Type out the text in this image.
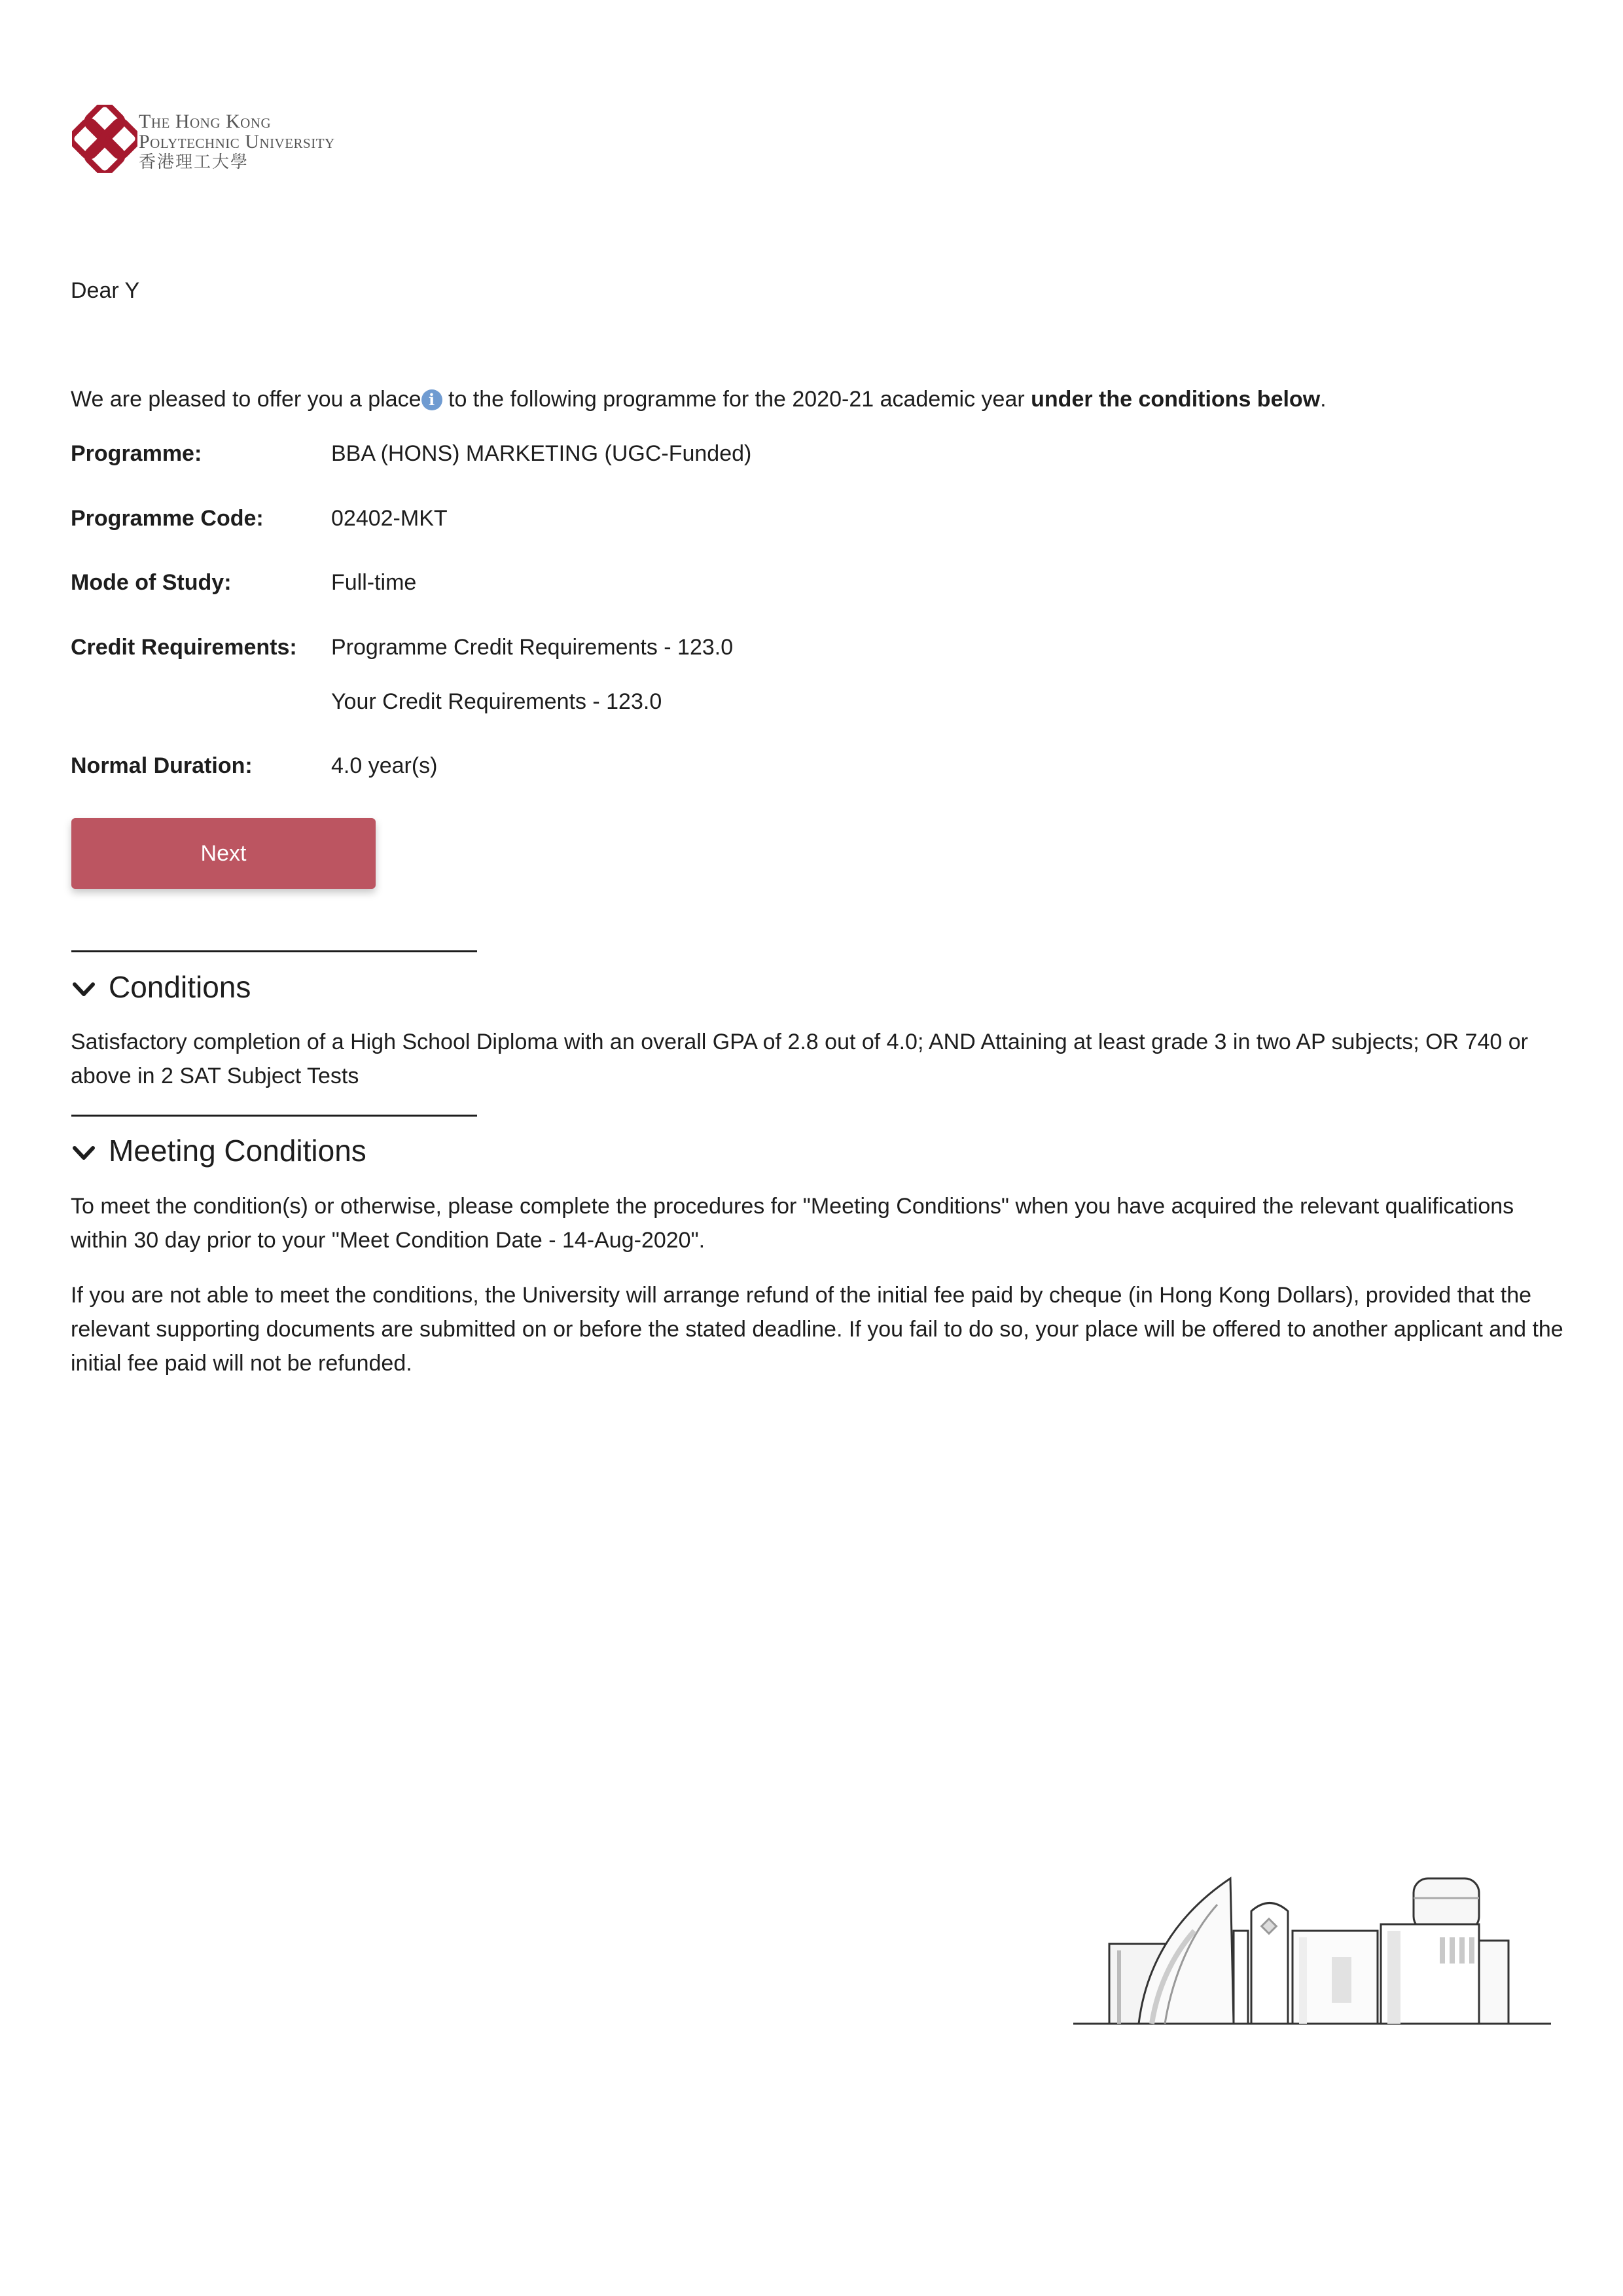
The Hong Kong
Polytechnic University
香港理工大學
Dear Y
We are pleased to offer you a place i to the following programme for the 2020-21 academic year under the conditions below.
Programme:	BBA (HONS) MARKETING (UGC-Funded)
Programme Code:	02402-MKT
Mode of Study:	Full-time
Credit Requirements: Programme Credit Requirements - 123.0
Your Credit Requirements - 123.0
Normal Duration:	4.0 year(s)
Next
Conditions
Satisfactory completion of a High School Diploma with an overall GPA of 2.8 out of 4.0; AND Attaining at least grade 3 in two AP subjects; OR 740 or above in 2 SAT Subject Tests
Meeting Conditions
To meet the condition(s) or otherwise, please complete the procedures for "Meeting Conditions" when you have acquired the relevant qualifications within 30 day prior to your "Meet Condition Date - 14-Aug-2020".
If you are not able to meet the conditions, the University will arrange refund of the initial fee paid by cheque (in Hong Kong Dollars), provided that the relevant supporting documents are submitted on or before the stated deadline. If you fail to do so, your place will be offered to another applicant and the initial fee paid will not be refunded.
